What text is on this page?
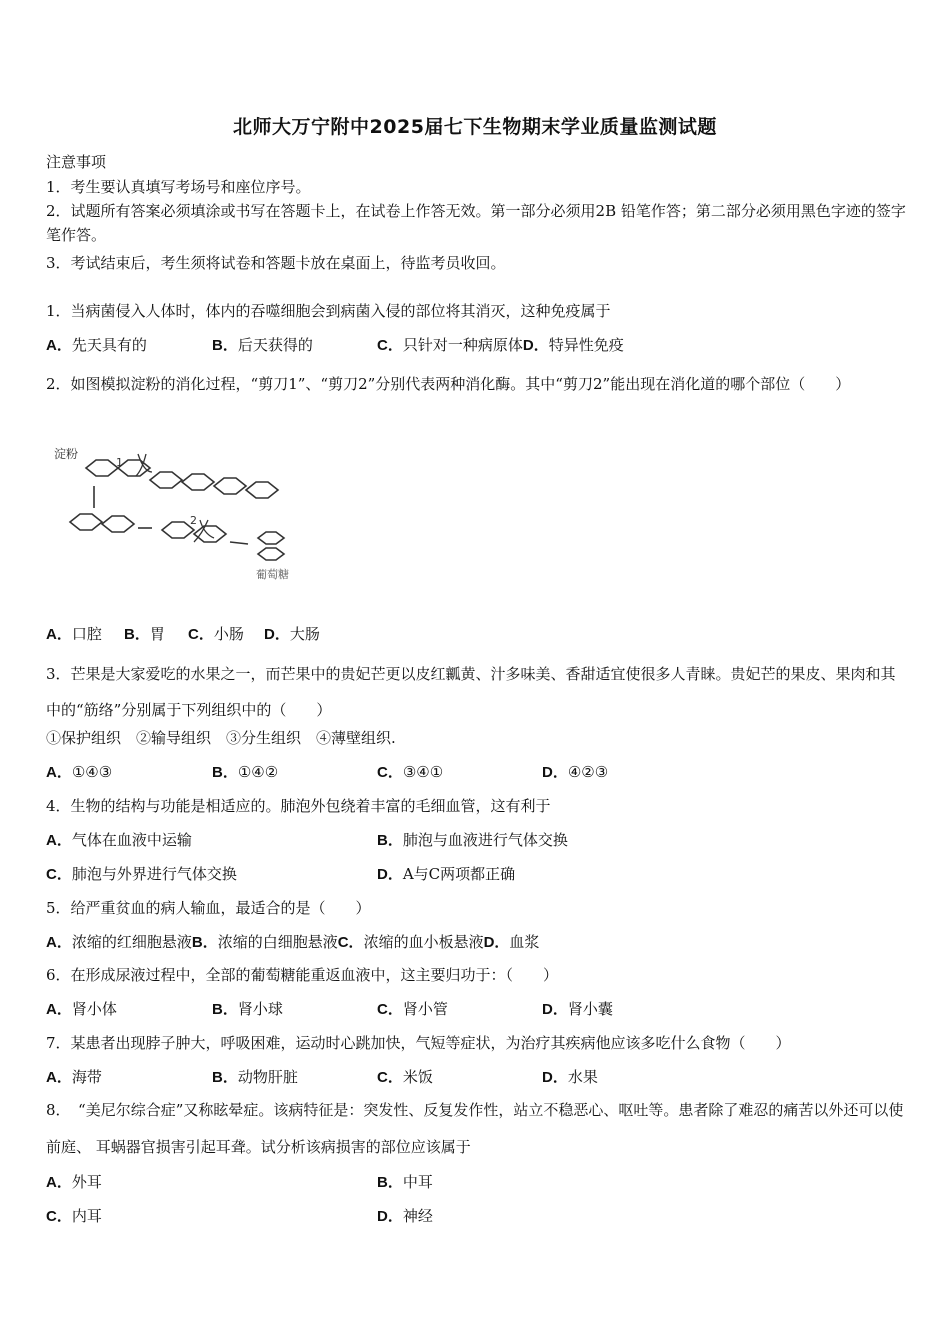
北师大万宁附中2025届七下生物期末学业质量监测试题
注意事项
1．考生要认真填写考场号和座位序号。
2．试题所有答案必须填涂或书写在答题卡上，在试卷上作答无效。第一部分必须用2B 铅笔作答；第二部分必须用黑色字迹的签字笔作答。
3．考试结束后，考生须将试卷和答题卡放在桌面上，待监考员收回。
1．当病菌侵入人体时，体内的吞噬细胞会到病菌入侵的部位将其消灭，这种免疫属于
A．先天具有的	B．后天获得的	C．只针对一种病原体D．特异性免疫
2．如图模拟淀粉的消化过程，“剪刀1”、“剪刀2”分别代表两种消化酶。其中“剪刀2”能出现在消化道的哪个部位（　　）
淀粉
1
2
葡萄糖
A．口腔 B．胃 C．小肠 D．大肠
3．芒果是大家爱吃的水果之一，而芒果中的贵妃芒更以皮红瓤黄、汁多味美、香甜适宜使很多人青睐。贵妃芒的果皮、果肉和其中的“筋络”分别属于下列组织中的（　　）
①保护组织　②输导组织　③分生组织　④薄壁组织.
A．①④③	B．①④②	C．③④①	D．④②③
4．生物的结构与功能是相适应的。肺泡外包绕着丰富的毛细血管，这有利于
A．气体在血液中运输	B．肺泡与血液进行气体交换
C．肺泡与外界进行气体交换	D．A与C两项都正确
5．给严重贫血的病人输血，最适合的是（　　）
A．浓缩的红细胞悬液B．浓缩的白细胞悬液C．浓缩的血小板悬液D．血浆
6．在形成尿液过程中，全部的葡萄糖能重返血液中，这主要归功于：（　　）
A．肾小体	B．肾小球	C．肾小管	D．肾小囊
7．某患者出现脖子肿大，呼吸困难，运动时心跳加快，气短等症状，为治疗其疾病他应该多吃什么食物（　　）
A．海带	B．动物肝脏	C．米饭	D．水果
8．　“美尼尔综合症”又称眩晕症。该病特征是：突发性、反复发作性，站立不稳恶心、呕吐等。患者除了难忍的痛苦以外还可以使前庭、 耳蜗器官损害引起耳聋。试分析该病损害的部位应该属于
A．外耳	B．中耳
C．内耳	D．神经
